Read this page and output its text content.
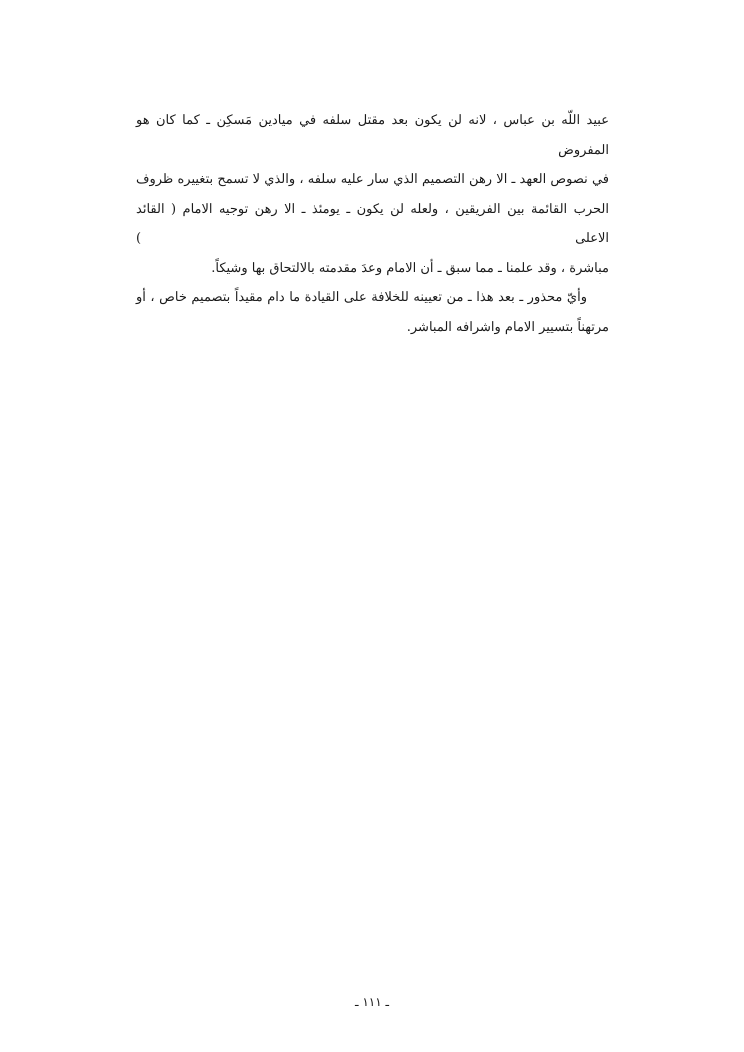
عبيد اللّه بن عباس ، لانه لن يكون بعد مقتل سلفه في ميادين مَسكِن ـ كما كان هو المفروض
في نصوص العهد ـ الا رهن التصميم الذي سار عليه سلفه ، والذي لا تسمح بتغييره ظروف
الحرب القائمة بين الفريقين ، ولعله لن يكون ـ يومئذ ـ الا رهن توجيه الامام ( القائد الاعلى )
مباشرة ، وقد علمنا ـ مما سبق ـ أن الامام وعدَ مقدمته بالالتحاق بها وشيكاً.

وأيّ محذور ـ بعد هذا ـ من تعيينه للخلافة على القيادة ما دام مقيداً بتصميم خاص ، أو
مرتهناً بتسيير الامام واشرافه المباشر.

ـ ١١١ ـ
